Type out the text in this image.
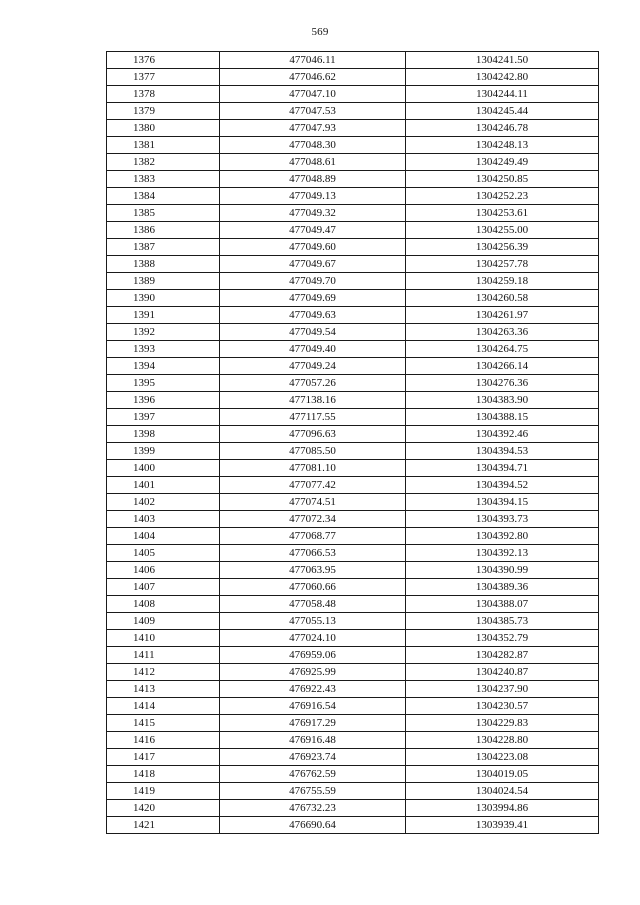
569
1376	477046.11	1304241.50
1377	477046.62	1304242.80
1378	477047.10	1304244.11
1379	477047.53	1304245.44
1380	477047.93	1304246.78
1381	477048.30	1304248.13
1382	477048.61	1304249.49
1383	477048.89	1304250.85
1384	477049.13	1304252.23
1385	477049.32	1304253.61
1386	477049.47	1304255.00
1387	477049.60	1304256.39
1388	477049.67	1304257.78
1389	477049.70	1304259.18
1390	477049.69	1304260.58
1391	477049.63	1304261.97
1392	477049.54	1304263.36
1393	477049.40	1304264.75
1394	477049.24	1304266.14
1395	477057.26	1304276.36
1396	477138.16	1304383.90
1397	477117.55	1304388.15
1398	477096.63	1304392.46
1399	477085.50	1304394.53
1400	477081.10	1304394.71
1401	477077.42	1304394.52
1402	477074.51	1304394.15
1403	477072.34	1304393.73
1404	477068.77	1304392.80
1405	477066.53	1304392.13
1406	477063.95	1304390.99
1407	477060.66	1304389.36
1408	477058.48	1304388.07
1409	477055.13	1304385.73
1410	477024.10	1304352.79
1411	476959.06	1304282.87
1412	476925.99	1304240.87
1413	476922.43	1304237.90
1414	476916.54	1304230.57
1415	476917.29	1304229.83
1416	476916.48	1304228.80
1417	476923.74	1304223.08
1418	476762.59	1304019.05
1419	476755.59	1304024.54
1420	476732.23	1303994.86
1421	476690.64	1303939.41
